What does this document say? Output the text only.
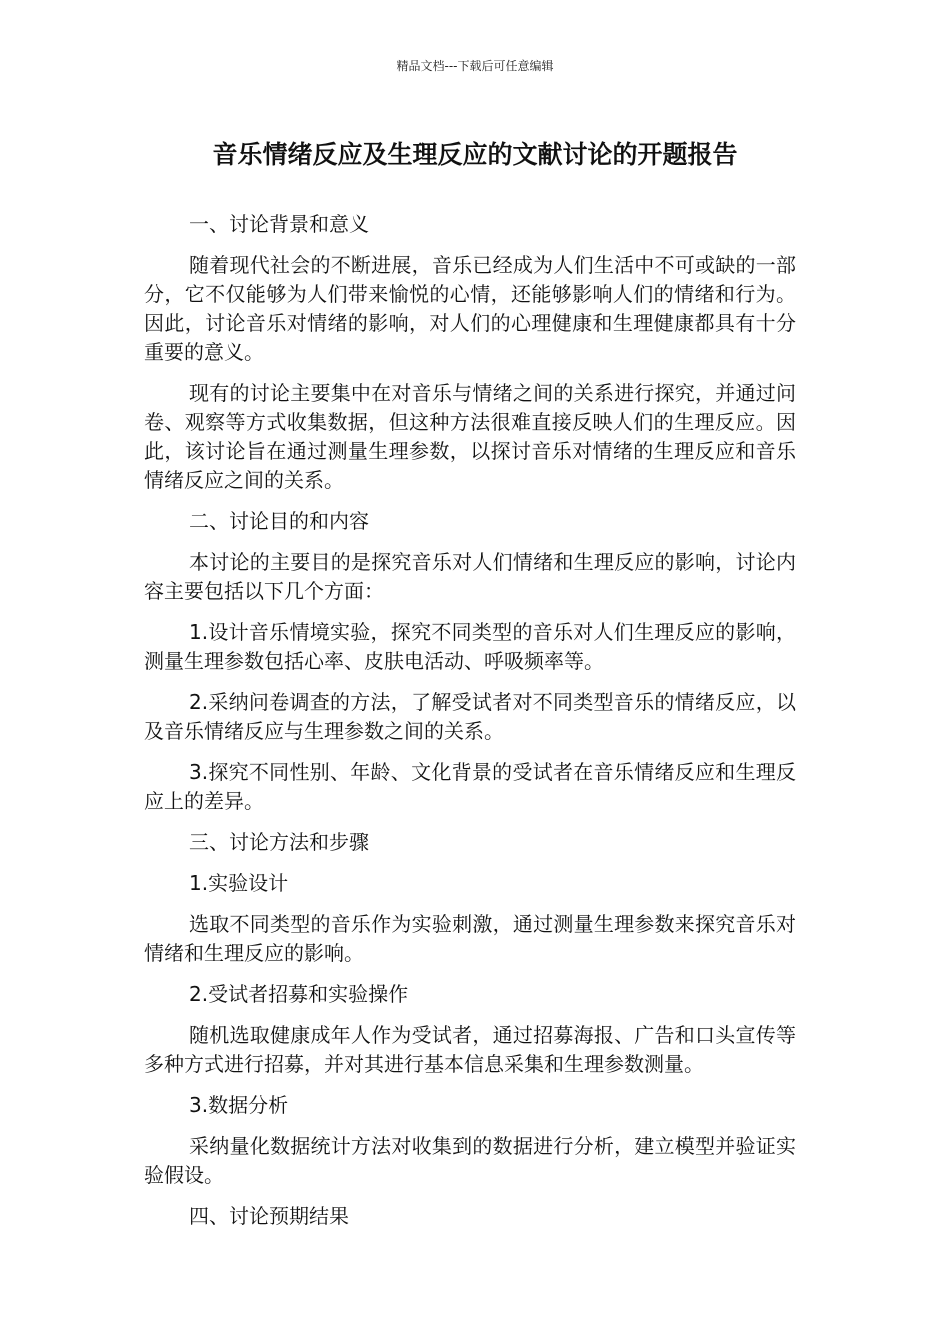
精品文档---下载后可任意编辑
音乐情绪反应及生理反应的文献讨论的开题报告

一、讨论背景和意义

随着现代社会的不断进展，音乐已经成为人们生活中不可或缺的一部分，它不仅能够为人们带来愉悦的心情，还能够影响人们的情绪和行为。因此，讨论音乐对情绪的影响，对人们的心理健康和生理健康都具有十分重要的意义。

现有的讨论主要集中在对音乐与情绪之间的关系进行探究，并通过问卷、观察等方式收集数据，但这种方法很难直接反映人们的生理反应。因此，该讨论旨在通过测量生理参数，以探讨音乐对情绪的生理反应和音乐情绪反应之间的关系。

二、讨论目的和内容

本讨论的主要目的是探究音乐对人们情绪和生理反应的影响，讨论内容主要包括以下几个方面：

1.设计音乐情境实验，探究不同类型的音乐对人们生理反应的影响，测量生理参数包括心率、皮肤电活动、呼吸频率等。

2.采纳问卷调查的方法，了解受试者对不同类型音乐的情绪反应，以及音乐情绪反应与生理参数之间的关系。

3.探究不同性别、年龄、文化背景的受试者在音乐情绪反应和生理反应上的差异。

三、讨论方法和步骤

1.实验设计

选取不同类型的音乐作为实验刺激，通过测量生理参数来探究音乐对情绪和生理反应的影响。

2.受试者招募和实验操作

随机选取健康成年人作为受试者，通过招募海报、广告和口头宣传等多种方式进行招募，并对其进行基本信息采集和生理参数测量。

3.数据分析

采纳量化数据统计方法对收集到的数据进行分析，建立模型并验证实验假设。

四、讨论预期结果
